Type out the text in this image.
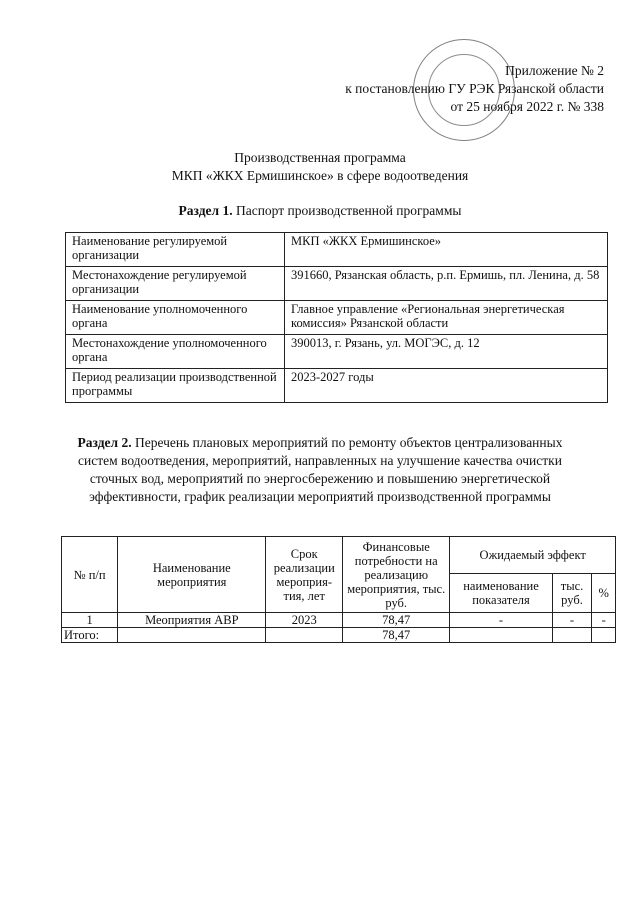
Приложение № 2
к постановлению ГУ РЭК Рязанской области
от 25 ноября 2022 г. № 338
Производственная программа
МКП «ЖКХ Ермишинское» в сфере водоотведения
Раздел 1. Паспорт производственной программы
Наименование регулируемой организации	МКП «ЖКХ Ермишинское»
Местонахождение регулируемой организации	391660, Рязанская область, р.п. Ермишь, пл. Ленина, д. 58
Наименование уполномоченного органа	Главное управление «Региональная энергетическая комиссия» Рязанской области
Местонахождение уполномоченного органа	390013, г. Рязань, ул. МОГЭС, д. 12
Период реализации производственной программы	2023-2027 годы
Раздел 2. Перечень плановых мероприятий по ремонту объектов централизованных систем водоотведения, мероприятий, направленных на улучшение качества очистки сточных вод, мероприятий по энергосбережению и повышению энергетической эффективности, график реализации мероприятий производственной программы
№ п/п	Наименование мероприятия	Срок реализации мероприя-тия, лет	Финансовые потребности на реализацию мероприятия, тыс. руб.	Ожидаемый эффект		
				наименование показателя	тыс. руб.	%
1	Меоприятия АВР	2023	78,47	-	-	-
Итого:			78,47			
